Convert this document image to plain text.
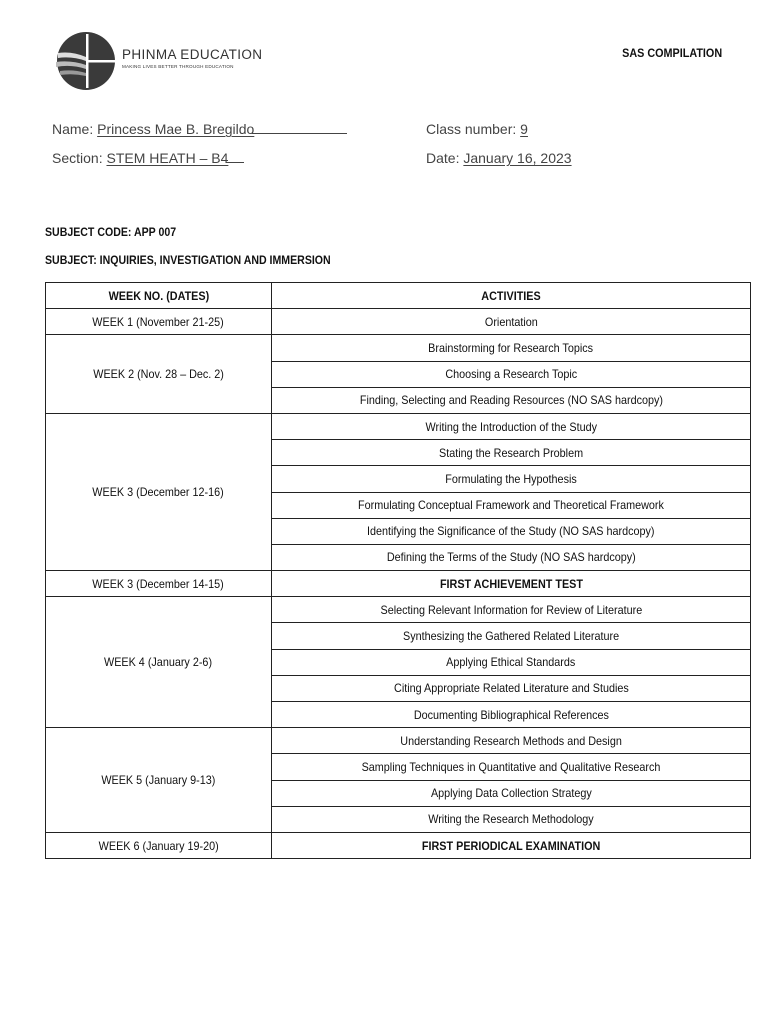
PHINMA EDUCATION
MAKING LIVES BETTER THROUGH EDUCATION
SAS COMPILATION
Name: Princess Mae B. Bregildo
Section: STEM HEATH – B4
Class number: 9
Date: January 16, 2023
SUBJECT CODE: APP 007
SUBJECT: INQUIRIES, INVESTIGATION AND IMMERSION
WEEK NO. (DATES)	ACTIVITIES
WEEK 1 (November 21-25)	Orientation
WEEK 2 (Nov. 28 – Dec. 2)	Brainstorming for Research Topics
	Choosing a Research Topic
	Finding, Selecting and Reading Resources (NO SAS hardcopy)
WEEK 3 (December 12-16)	Writing the Introduction of the Study
	Stating the Research Problem
	Formulating the Hypothesis
	Formulating Conceptual Framework and Theoretical Framework
	Identifying the Significance of the Study (NO SAS hardcopy)
	Defining the Terms of the Study (NO SAS hardcopy)
WEEK 3 (December 14-15)	FIRST ACHIEVEMENT TEST
WEEK 4 (January 2-6)	Selecting Relevant Information for Review of Literature
	Synthesizing the Gathered Related Literature
	Applying Ethical Standards
	Citing Appropriate Related Literature and Studies
	Documenting Bibliographical References
WEEK 5 (January 9-13)	Understanding Research Methods and Design
	Sampling Techniques in Quantitative and Qualitative Research
	Applying Data Collection Strategy
	Writing the Research Methodology
WEEK 6 (January 19-20)	FIRST PERIODICAL EXAMINATION
